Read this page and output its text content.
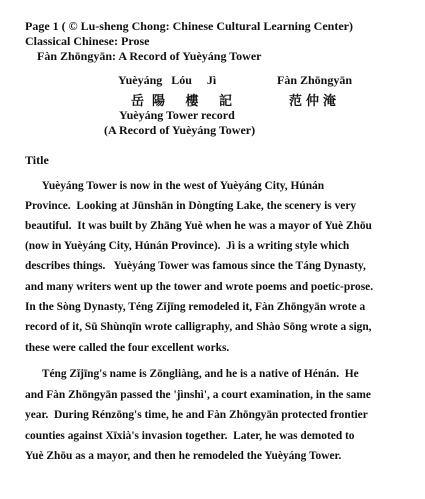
Page 1 ( © Lu-sheng Chong: Chinese Cultural Learning Center)
Classical Chinese: Prose
Fàn Zhōngyān: A Record of Yuèyáng Tower
Yuèyáng   Lóu     Jì	Fàn Zhōngyān
岳陽 樓 記	范仲淹
Yuèyáng Tower record
(A Record of Yuèyáng Tower)
Title
Yuèyáng Tower is now in the west of Yuèyáng City, Húnán
Province.  Looking at Jūnshān in Dòngtíng Lake, the scenery is very
beautiful.  It was built by Zhāng Yuè when he was a mayor of Yuè Zhōu
(now in Yuèyáng City, Húnán Province).  Jì is a writing style which
describes things.   Yuèyáng Tower was famous since the Táng Dynasty,
and many writers went up the tower and wrote poems and poetic-prose.
In the Sòng Dynasty, Téng Zǐjīng remodeled it, Fàn Zhōngyān wrote a
record of it, Sū Shùnqīn wrote calligraphy, and Shào Sōng wrote a sign,
these were called the four excellent works.
Téng Zǐjīng's name is Zōngliàng, and he is a native of Hénán.  He
and Fàn Zhōngyān passed the 'jìnshì', a court examination, in the same
year.  During Rénzōng's time, he and Fàn Zhōngyān protected frontier
counties against Xīxià's invasion together.  Later, he was demoted to
Yuè Zhōu as a mayor, and then he remodeled the Yuèyáng Tower.
